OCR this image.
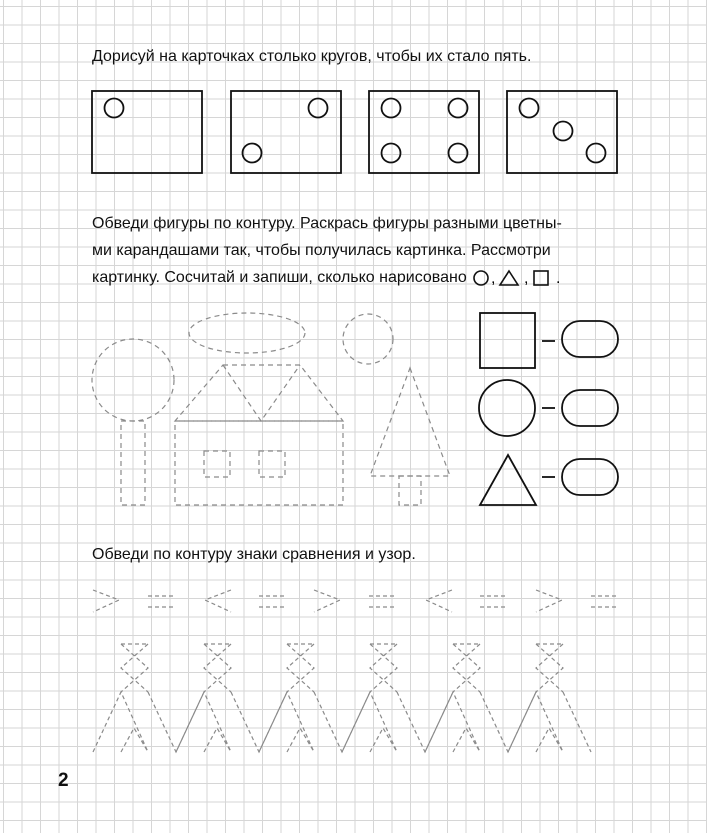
Дорисуй на карточках столько кругов, чтобы их стало пять.

Обведи фигуры по контуру. Раскрась фигуры разными цветны-
ми карандашами так, чтобы получилась картинка. Рассмотри
картинку. Сосчитай и запиши, сколько нарисовано , , .

Обведи по контуру знаки сравнения и узор.

2
